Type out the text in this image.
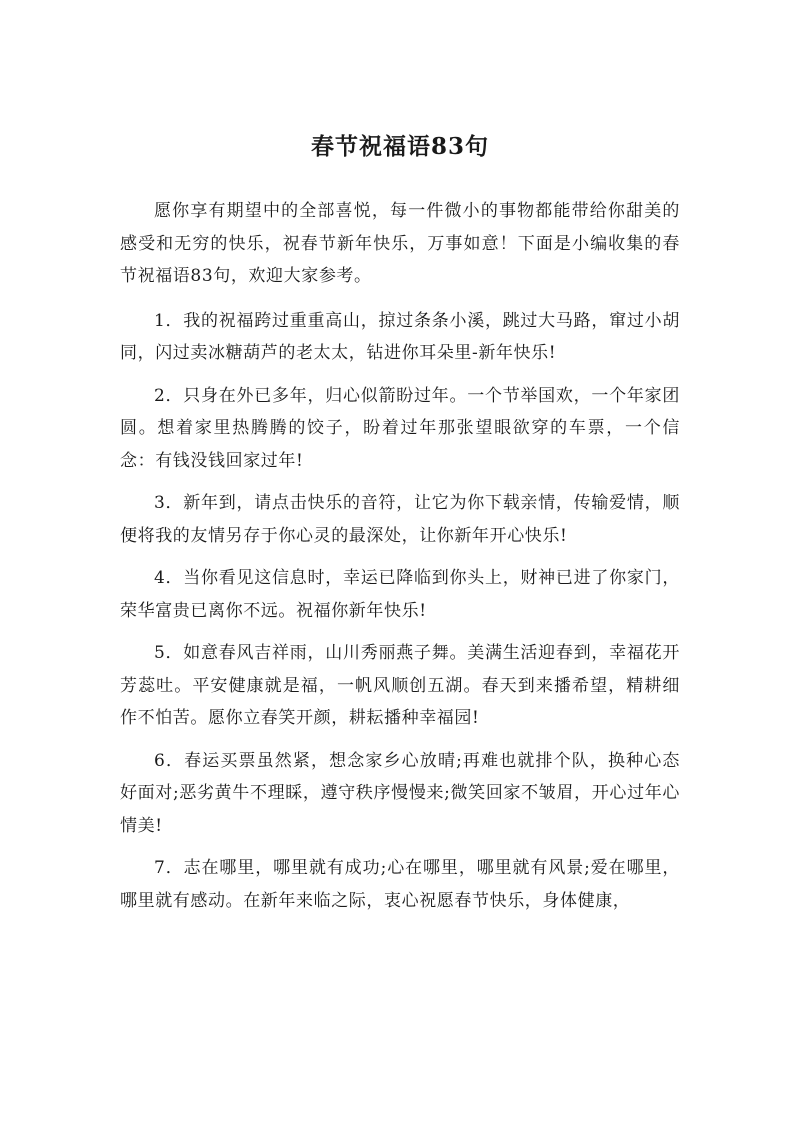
春节祝福语83句

愿你享有期望中的全部喜悦，每一件微小的事物都能带给你甜美的感受和无穷的快乐，祝春节新年快乐，万事如意！下面是小编收集的春节祝福语83句，欢迎大家参考。

1．我的祝福跨过重重高山，掠过条条小溪，跳过大马路，窜过小胡同，闪过卖冰糖葫芦的老太太，钻进你耳朵里-新年快乐!

2．只身在外已多年，归心似箭盼过年。一个节举国欢，一个年家团圆。想着家里热腾腾的饺子，盼着过年那张望眼欲穿的车票，一个信念：有钱没钱回家过年!

3．新年到，请点击快乐的音符，让它为你下载亲情，传输爱情，顺便将我的友情另存于你心灵的最深处，让你新年开心快乐!

4．当你看见这信息时，幸运已降临到你头上，财神已进了你家门，荣华富贵已离你不远。祝福你新年快乐!

5．如意春风吉祥雨，山川秀丽燕子舞。美满生活迎春到，幸福花开芳蕊吐。平安健康就是福，一帆风顺创五湖。春天到来播希望，精耕细作不怕苦。愿你立春笑开颜，耕耘播种幸福园!

6．春运买票虽然紧，想念家乡心放晴;再难也就排个队，换种心态好面对;恶劣黄牛不理睬，遵守秩序慢慢来;微笑回家不皱眉，开心过年心情美!

7．志在哪里，哪里就有成功;心在哪里，哪里就有风景;爱在哪里，哪里就有感动。在新年来临之际，衷心祝愿春节快乐，身体健康，
